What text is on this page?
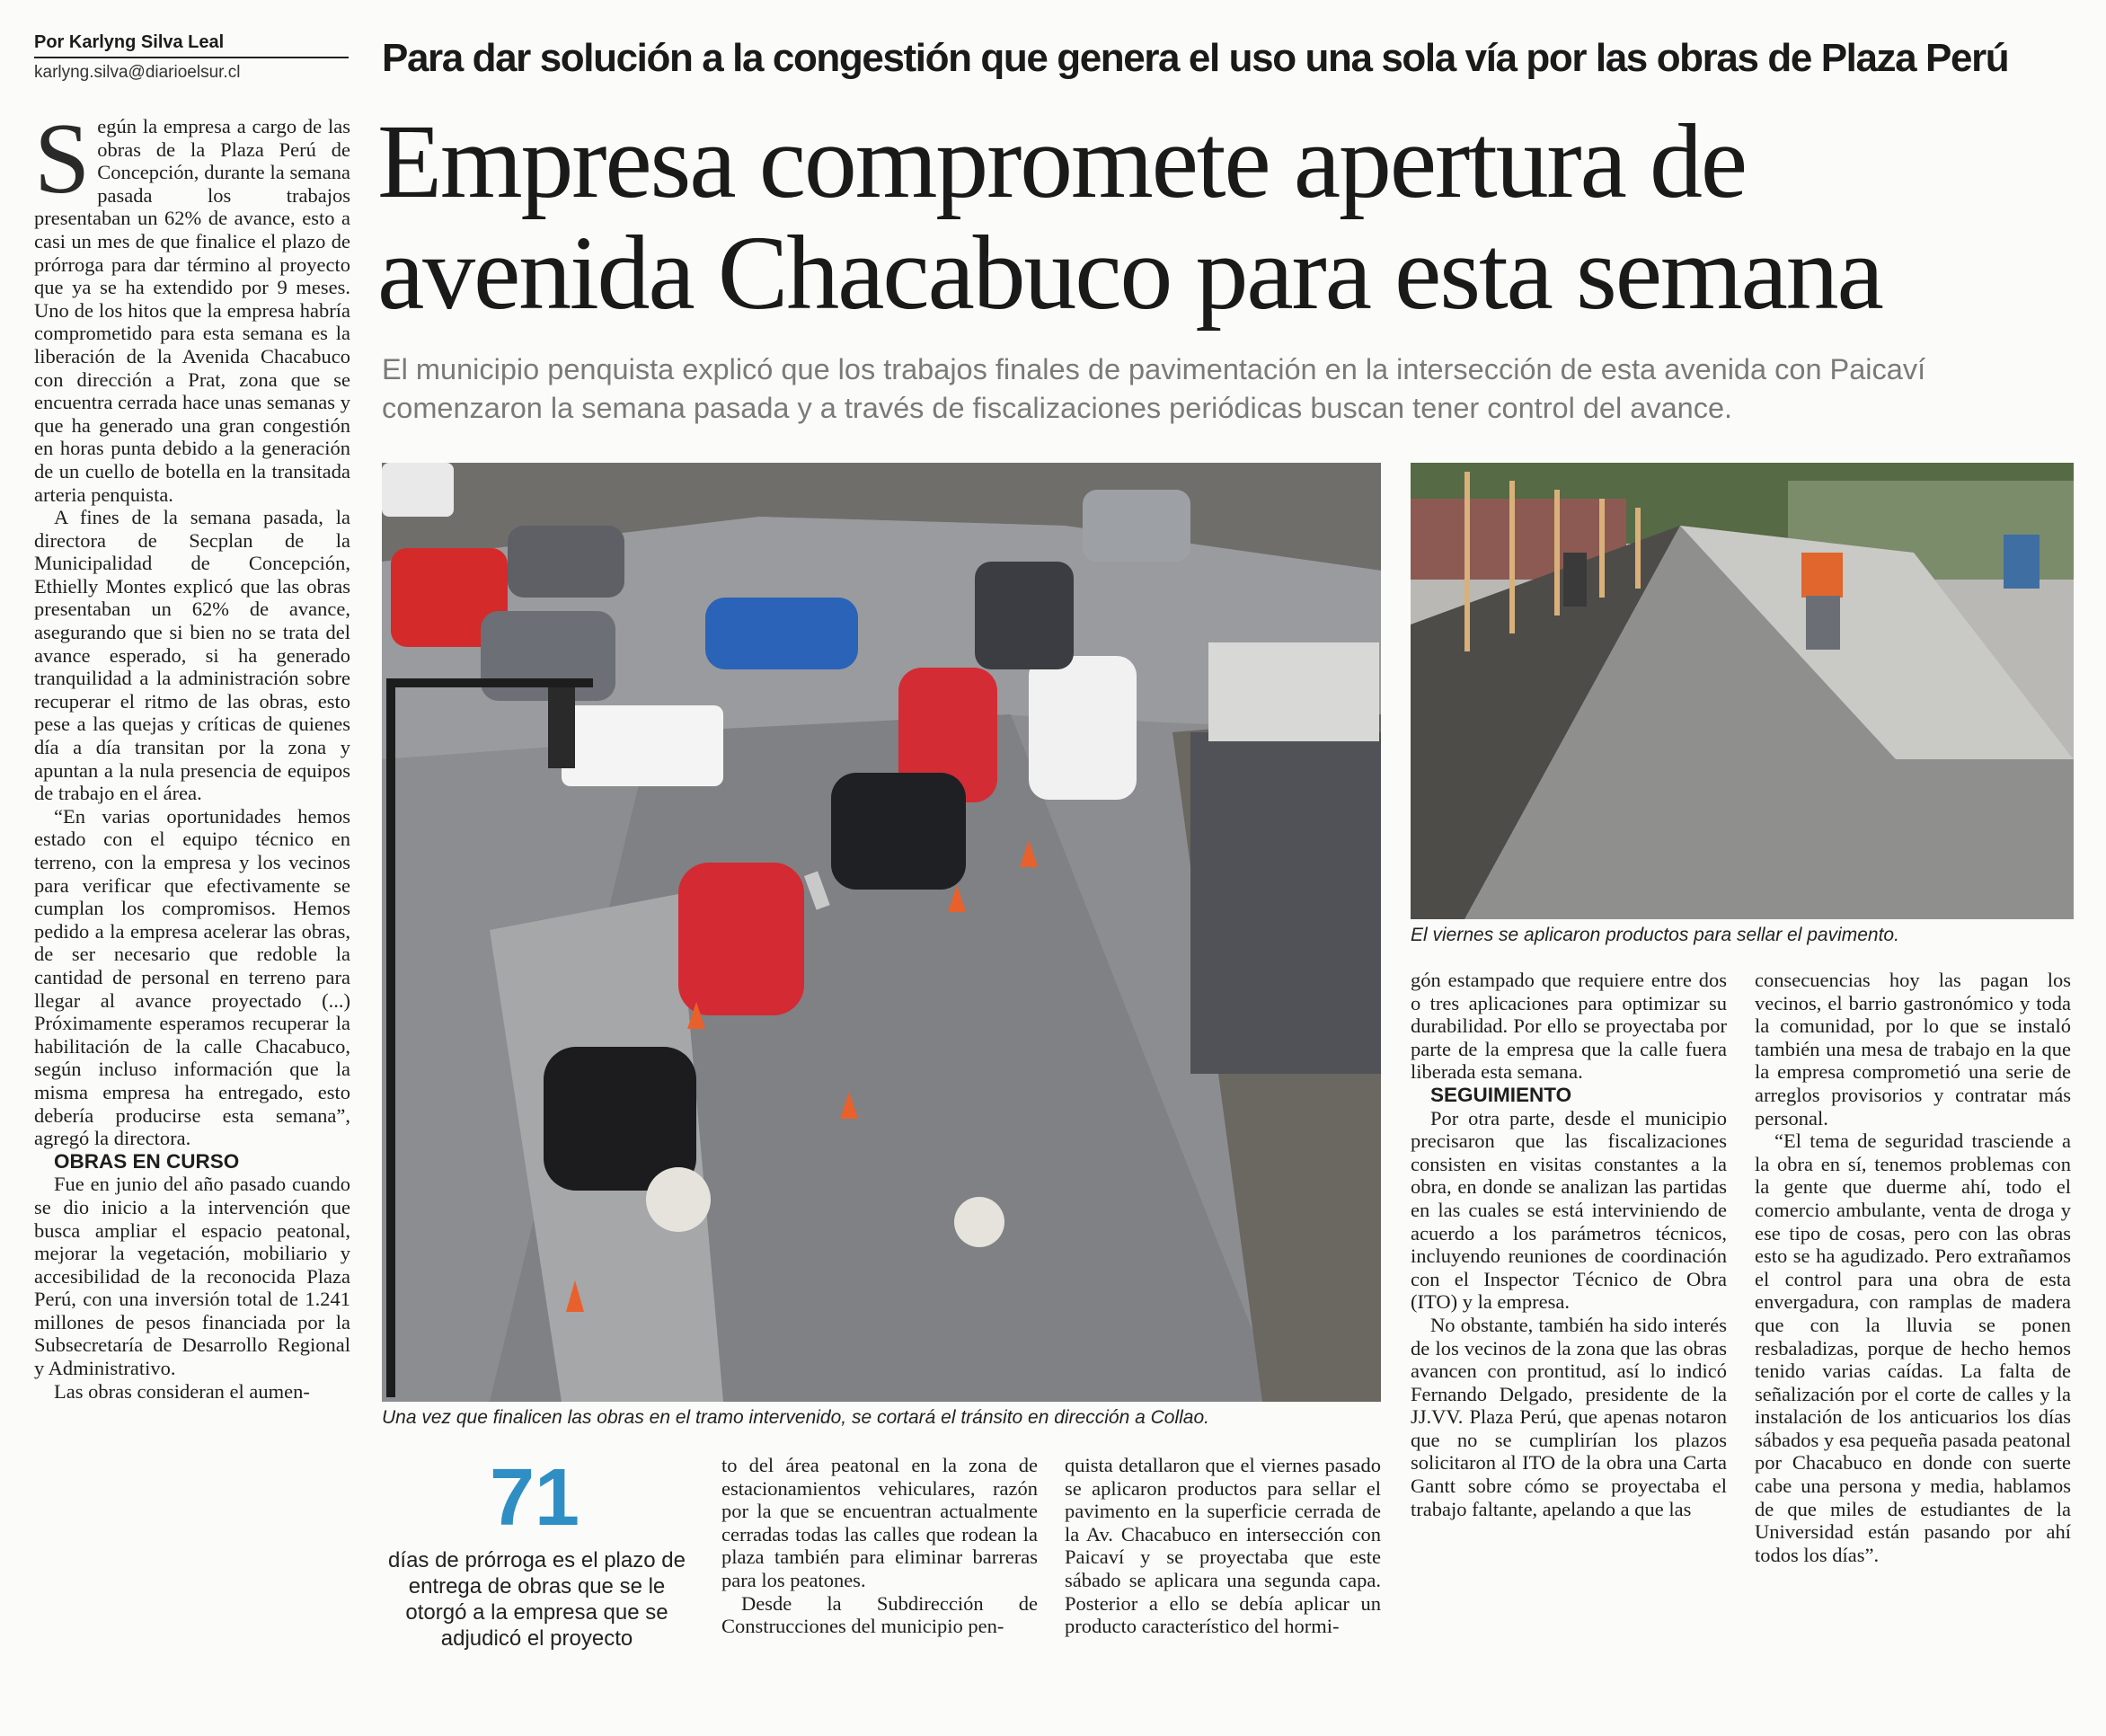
Por Karlyng Silva Leal
karlyng.silva@diarioelsur.cl	Para dar solución a la congestión que genera el uso una sola vía por las obras de Plaza Perú
Empresa compromete apertura de
avenida Chacabuco para esta semana
El municipio penquista explicó que los trabajos finales de pavimentación en la intersección de esta avenida con Paicaví comenzaron la semana pasada y a través de fiscalizaciones periódicas buscan tener control del avance.

Según la empresa a cargo de las obras de la Plaza Perú de Concepción, durante la semana pasada los trabajos presentaban un 62% de avance, esto a casi un mes de que finalice el plazo de prórroga para dar término al proyecto que ya se ha extendido por 9 meses. Uno de los hitos que la empresa habría comprometido para esta semana es la liberación de la Avenida Chacabuco con dirección a Prat, zona que se encuentra cerrada hace unas semanas y que ha generado una gran congestión en horas punta debido a la generación de un cuello de botella en la transitada arteria penquista.

A fines de la semana pasada, la directora de Secplan de la Municipalidad de Concepción, Ethielly Montes explicó que las obras presentaban un 62% de avance, asegurando que si bien no se trata del avance esperado, si ha generado tranquilidad a la administración sobre recuperar el ritmo de las obras, esto pese a las quejas y críticas de quienes día a día transitan por la zona y apuntan a la nula presencia de equipos de trabajo en el área.

“En varias oportunidades hemos estado con el equipo técnico en terreno, con la empresa y los vecinos para verificar que efectivamente se cumplan los compromisos. Hemos pedido a la empresa acelerar las obras, de ser necesario que redoble la cantidad de personal en terreno para llegar al avance proyectado (...) Próximamente esperamos recuperar la habilitación de la calle Chacabuco, según incluso información que la misma empresa ha entregado, esto debería producirse esta semana”, agregó la directora.

OBRAS EN CURSO

Fue en junio del año pasado cuando se dio inicio a la intervención que busca ampliar el espacio peatonal, mejorar la vegetación, mobiliario y accesibilidad de la reconocida Plaza Perú, con una inversión total de 1.241 millones de pesos financiada por la Subsecretaría de Desarrollo Regional y Administrativo.

Las obras consideran el aumen-

Una vez que finalicen las obras en el tramo intervenido, se cortará el tránsito en dirección a Collao.
El viernes se aplicaron productos para sellar el pavimento.
71
días de prórroga es el plazo de entrega de obras que se le otorgó a la empresa que se adjudicó el proyecto

to del área peatonal en la zona de estacionamientos vehiculares, razón por la que se encuentran actualmente cerradas todas las calles que rodean la plaza también para eliminar barreras para los peatones.

Desde la Subdirección de Construcciones del municipio pen-

quista detallaron que el viernes pasado se aplicaron productos para sellar el pavimento en la superficie cerrada de la Av. Chacabuco en intersección con Paicaví y se proyectaba que este sábado se aplicara una segunda capa. Posterior a ello se debía aplicar un producto característico del hormi-

gón estampado que requiere entre dos o tres aplicaciones para optimizar su durabilidad. Por ello se proyectaba por parte de la empresa que la calle fuera liberada esta semana.

SEGUIMIENTO

Por otra parte, desde el municipio precisaron que las fiscalizaciones consisten en visitas constantes a la obra, en donde se analizan las partidas en las cuales se está interviniendo de acuerdo a los parámetros técnicos, incluyendo reuniones de coordinación con el Inspector Técnico de Obra (ITO) y la empresa.

No obstante, también ha sido interés de los vecinos de la zona que las obras avancen con prontitud, así lo indicó Fernando Delgado, presidente de la JJ.VV. Plaza Perú, que apenas notaron que no se cumplirían los plazos solicitaron al ITO de la obra una Carta Gantt sobre cómo se proyectaba el trabajo faltante, apelando a que las

consecuencias hoy las pagan los vecinos, el barrio gastronómico y toda la comunidad, por lo que se instaló también una mesa de trabajo en la que la empresa comprometió una serie de arreglos provisorios y contratar más personal.

“El tema de seguridad trasciende a la obra en sí, tenemos problemas con la gente que duerme ahí, todo el comercio ambulante, venta de droga y ese tipo de cosas, pero con las obras esto se ha agudizado. Pero extrañamos el control para una obra de esta envergadura, con ramplas de madera que con la lluvia se ponen resbaladizas, porque de hecho hemos tenido varias caídas. La falta de señalización por el corte de calles y la instalación de los anticuarios los días sábados y esa pequeña pasada peatonal por Chacabuco en donde con suerte cabe una persona y media, hablamos de que miles de estudiantes de la Universidad están pasando por ahí todos los días”.
